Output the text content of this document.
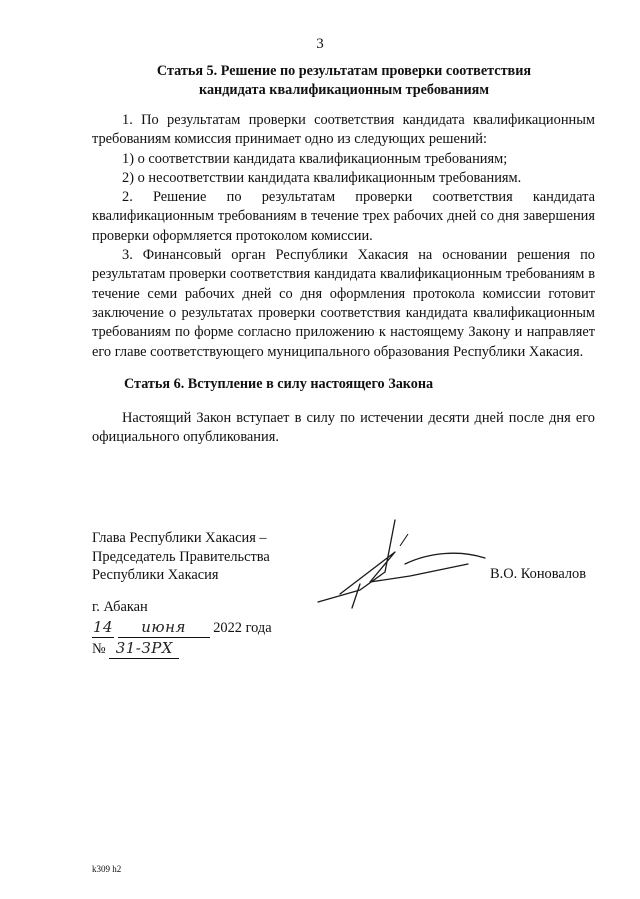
3
Статья 5. Решение по результатам проверки соответствия
кандидата квалификационным требованиям

1. По результатам проверки соответствия кандидата квалификационным требованиям комиссия принимает одно из следующих решений:

1) о соответствии кандидата квалификационным требованиям;

2) о несоответствии кандидата квалификационным требованиям.

2. Решение по результатам проверки соответствия кандидата квалификационным требованиям в течение трех рабочих дней со дня завершения проверки оформляется протоколом комиссии.

3. Финансовый орган Республики Хакасия на основании решения по результатам проверки соответствия кандидата квалификационным требованиям в течение семи рабочих дней со дня оформления протокола комиссии готовит заключение о результатах проверки соответствия кандидата квалификационным требованиям по форме согласно приложению к настоящему Закону и направляет его главе соответствующего муниципального образования Республики Хакасия.

Статья 6. Вступление в силу настоящего Закона

Настоящий Закон вступает в силу по истечении десяти дней после дня его официального опубликования.

Глава Республики Хакасия –
Председатель Правительства
Республики Хакасия	В.О. Коновалов
г. Абакан
14 июня 2022 года
№ 31-ЗРХ
k309 h2
